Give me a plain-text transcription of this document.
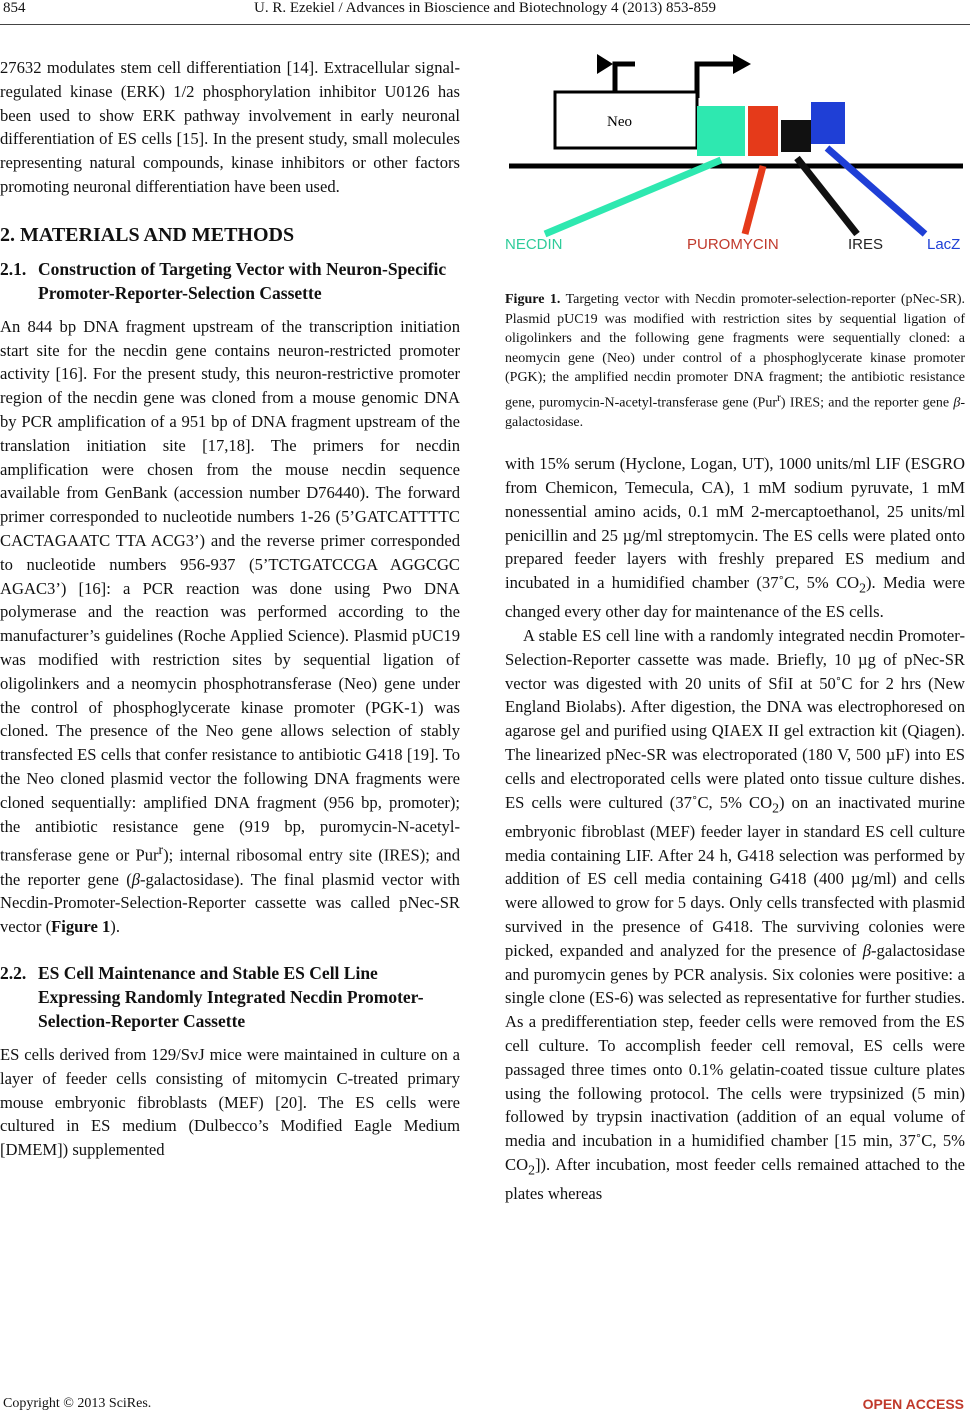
854	U. R. Ezekiel / Advances in Bioscience and Biotechnology 4 (2013) 853-859

27632 modulates stem cell differentiation [14]. Extracellular signal-regulated kinase (ERK) 1/2 phosphorylation inhibitor U0126 has been used to show ERK pathway involvement in early neuronal differentiation of ES cells [15]. In the present study, small molecules representing natural compounds, kinase inhibitors or other factors promoting neuronal differentiation have been used.

2. MATERIALS AND METHODS
2.1. Construction of Targeting Vector with Neuron-Specific Promoter-Reporter-Selection Cassette

An 844 bp DNA fragment upstream of the transcription initiation start site for the necdin gene contains neuron-restricted promoter activity [16]. For the present study, this neuron-restrictive promoter region of the necdin gene was cloned from a mouse genomic DNA by PCR amplification of a 951 bp of DNA fragment upstream of the translation initiation site [17,18]. The primers for necdin amplification were chosen from the mouse necdin sequence available from GenBank (accession number D76440). The forward primer corresponded to nucleotide numbers 1-26 (5’GATCATTTTC CACTAGAATC TTA ACG3’) and the reverse primer corresponded to nucleotide numbers 956-937 (5’TCTGATCCGA AGGCGC AGAC3’) [16]: a PCR reaction was done using Pwo DNA polymerase and the reaction was performed according to the manufacturer’s guidelines (Roche Applied Science). Plasmid pUC19 was modified with restriction sites by sequential ligation of oligolinkers and a neomycin phosphotransferase (Neo) gene under the control of phosphoglycerate kinase promoter (PGK-1) was cloned. The presence of the Neo gene allows selection of stably transfected ES cells that confer resistance to antibiotic G418 [19]. To the Neo cloned plasmid vector the following DNA fragments were cloned sequentially: amplified DNA fragment (956 bp, promoter); the antibiotic resistance gene (919 bp, puromycin-N-acetyl-transferase gene or Pur$^r$); internal ribosomal entry site (IRES); and the reporter gene (β-galactosidase). The final plasmid vector with Necdin-Promoter-Selection-Reporter cassette was called pNec-SR vector (Figure 1).

2.2. ES Cell Maintenance and Stable ES Cell Line Expressing Randomly Integrated Necdin Promoter-Selection-Reporter Cassette

ES cells derived from 129/SvJ mice were maintained in culture on a layer of feeder cells consisting of mitomycin C-treated primary mouse embryonic fibroblasts (MEF) [20]. The ES cells were cultured in ES medium (Dulbecco’s Modified Eagle Medium [DMEM]) supplemented

Neo
NECDIN	PUROMYCIN	IRES	LacZ

Figure 1. Targeting vector with Necdin promoter-selection-reporter (pNec-SR). Plasmid pUC19 was modified with restriction sites by sequential ligation of oligolinkers and the following gene fragments were sequentially cloned: a neomycin gene (Neo) under control of a phosphoglycerate kinase promoter (PGK); the amplified necdin promoter DNA fragment; the antibiotic resistance gene, puromycin-N-acetyl-transferase gene (Pur$^r$) IRES; and the reporter gene β-galactosidase.

with 15% serum (Hyclone, Logan, UT), 1000 units/ml LIF (ESGRO from Chemicon, Temecula, CA), 1 mM sodium pyruvate, 1 mM nonessential amino acids, 0.1 mM 2-mercaptoethanol, 25 units/ml penicillin and 25 µg/ml streptomycin. The ES cells were plated onto prepared feeder layers with freshly prepared ES medium and incubated in a humidified chamber (37˚C, 5% $CO_2$). Media were changed every other day for maintenance of the ES cells.

A stable ES cell line with a randomly integrated necdin Promoter-Selection-Reporter cassette was made. Briefly, 10 µg of pNec-SR vector was digested with 20 units of SfiI at 50˚C for 2 hrs (New England Biolabs). After digestion, the DNA was electrophoresed on agarose gel and purified using QIAEX II gel extraction kit (Qiagen). The linearized pNec-SR was electroporated (180 V, 500 µF) into ES cells and electroporated cells were plated onto tissue culture dishes. ES cells were cultured (37˚C, 5% $CO_2$) on an inactivated murine embryonic fibroblast (MEF) feeder layer in standard ES cell culture media containing LIF. After 24 h, G418 selection was performed by addition of ES cell media containing G418 (400 µg/ml) and cells were allowed to grow for 5 days. Only cells transfected with plasmid survived in the presence of G418. The surviving colonies were picked, expanded and analyzed for the presence of β-galactosidase and puromycin genes by PCR analysis. Six colonies were positive: a single clone (ES-6) was selected as representative for further studies. As a predifferentiation step, feeder cells were removed from the ES cell culture. To accomplish feeder cell removal, ES cells were passaged three times onto 0.1% gelatin-coated tissue culture plates using the following protocol. The cells were trypsinized (5 min) followed by trypsin inactivation (addition of an equal volume of media and incubation in a humidified chamber [15 min, 37˚C, 5% $CO_2$]). After incubation, most feeder cells remained attached to the plates whereas

Copyright © 2013 SciRes.	OPEN ACCESS
